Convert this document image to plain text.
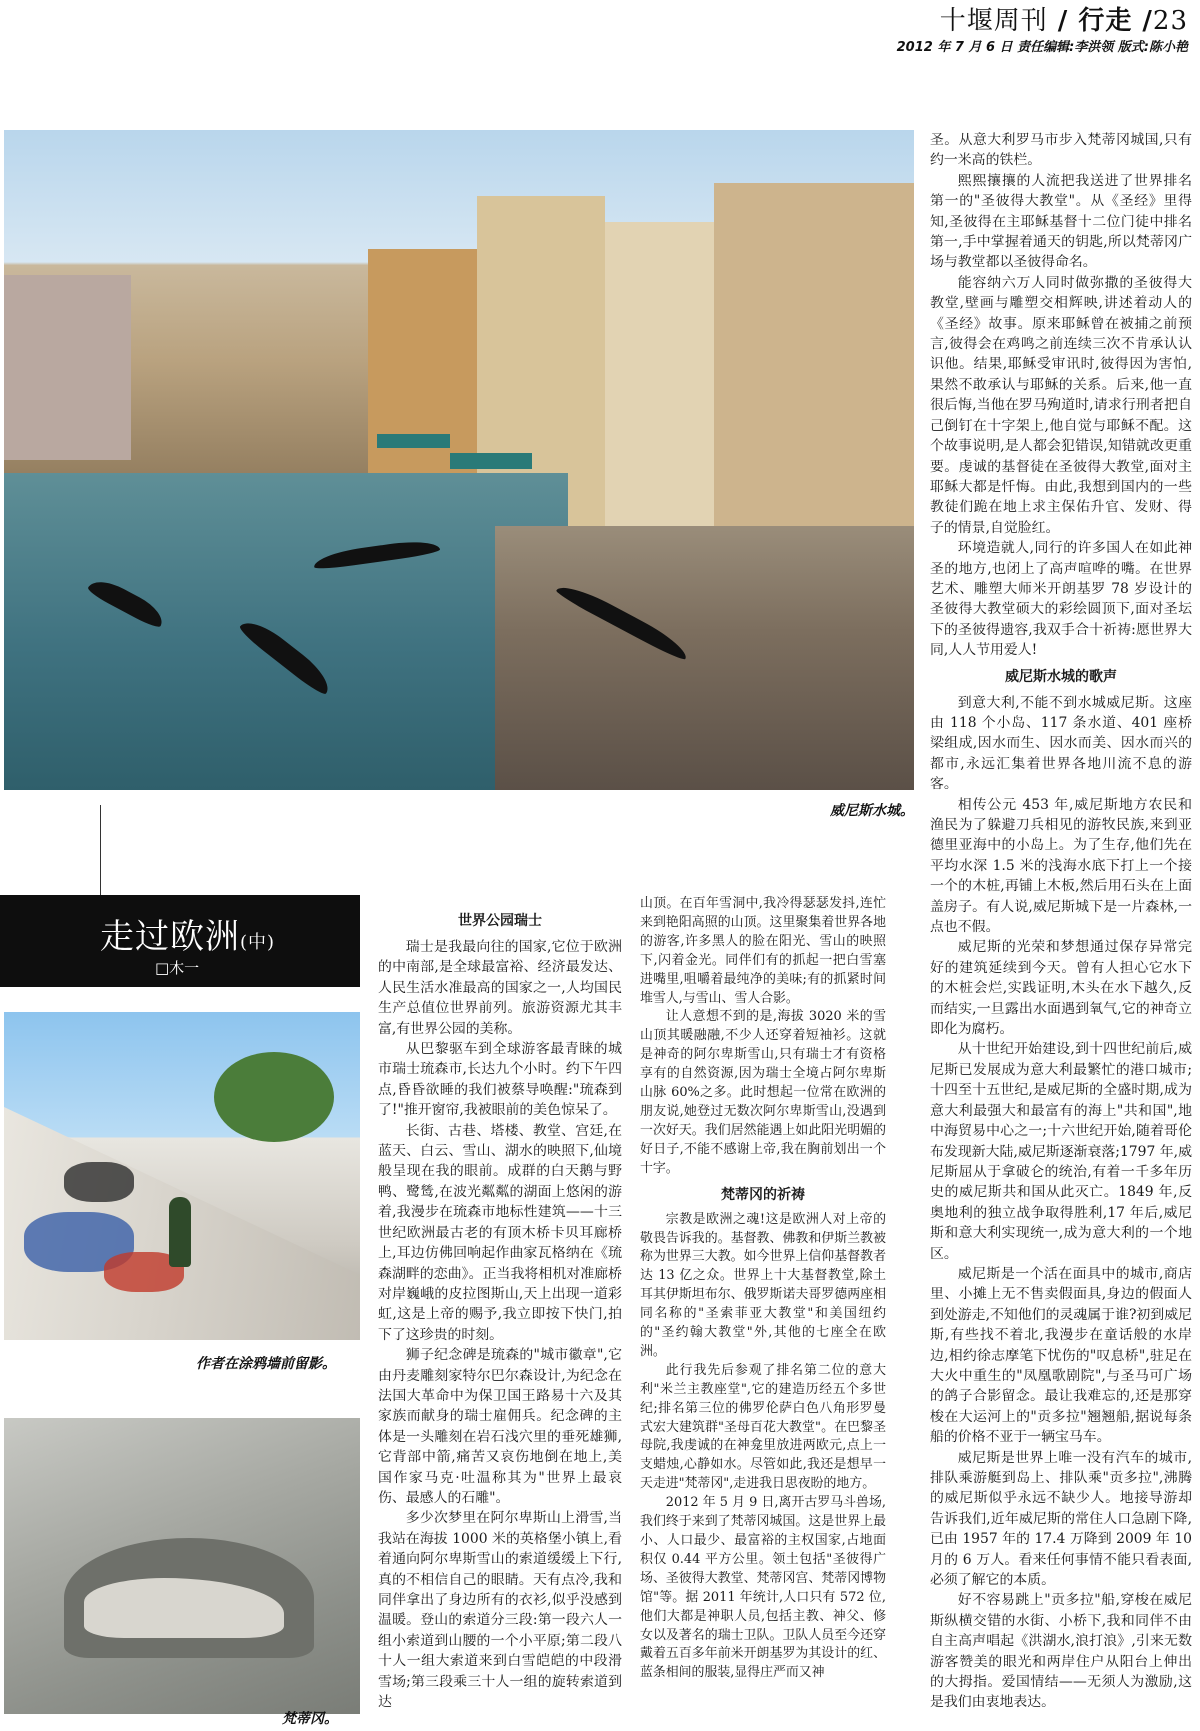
十堰周刊 / 行走 /23
2012 年 7 月 6 日 责任编辑:李洪领 版式:陈小艳
威尼斯水城。
走过欧洲(中)
□木一
作者在涂鸦墙前留影。
梵蒂冈。
世界公园瑞士

瑞士是我最向往的国家,它位于欧洲的中南部,是全球最富裕、经济最发达、人民生活水准最高的国家之一,人均国民生产总值位世界前列。旅游资源尤其丰富,有世界公园的美称。

从巴黎驱车到全球游客最青睐的城市瑞士琉森市,长达九个小时。约下午四点,昏昏欲睡的我们被蔡导唤醒:"琉森到了!"推开窗帘,我被眼前的美色惊呆了。

长街、古巷、塔楼、教堂、宫廷,在蓝天、白云、雪山、湖水的映照下,仙境般呈现在我的眼前。成群的白天鹅与野鸭、鹭鸶,在波光粼粼的湖面上悠闲的游着,我漫步在琉森市地标性建筑——十三世纪欧洲最古老的有顶木桥卡贝耳廊桥上,耳边仿佛回响起作曲家瓦格纳在《琉森湖畔的恋曲》。正当我将相机对准廊桥对岸巍峨的皮拉图斯山,天上出现一道彩虹,这是上帝的赐予,我立即按下快门,拍下了这珍贵的时刻。

狮子纪念碑是琉森的"城市徽章",它由丹麦雕刻家特尔巴尔森设计,为纪念在法国大革命中为保卫国王路易十六及其家族而献身的瑞士雇佣兵。纪念碑的主体是一头雕刻在岩石浅穴里的垂死雄狮,它背部中箭,痛苦又哀伤地倒在地上,美国作家马克·吐温称其为"世界上最哀伤、最感人的石雕"。

多少次梦里在阿尔卑斯山上滑雪,当我站在海拔 1000 米的英格堡小镇上,看着通向阿尔卑斯雪山的索道缓缓上下行,真的不相信自己的眼睛。天有点冷,我和同伴拿出了身边所有的衣衫,似乎没感到温暖。登山的索道分三段:第一段六人一组小索道到山腰的一个小平原;第二段八十人一组大索道来到白雪皑皑的中段滑雪场;第三段乘三十人一组的旋转索道到达

山顶。在百年雪洞中,我冷得瑟瑟发抖,连忙来到艳阳高照的山顶。这里聚集着世界各地的游客,许多黑人的脸在阳光、雪山的映照下,闪着金光。同伴们有的抓起一把白雪塞进嘴里,咀嚼着最纯净的美味;有的抓紧时间堆雪人,与雪山、雪人合影。

让人意想不到的是,海拔 3020 米的雪山顶其暖融融,不少人还穿着短袖衫。这就是神奇的阿尔卑斯雪山,只有瑞士才有资格享有的自然资源,因为瑞士全境占阿尔卑斯山脉 60%之多。此时想起一位常在欧洲的朋友说,她登过无数次阿尔卑斯雪山,没遇到一次好天。我们居然能遇上如此阳光明媚的好日子,不能不感谢上帝,我在胸前划出一个十字。

梵蒂冈的祈祷

宗教是欧洲之魂!这是欧洲人对上帝的敬畏告诉我的。基督教、佛教和伊斯兰教被称为世界三大教。如今世界上信仰基督教者达 13 亿之众。世界上十大基督教堂,除土耳其伊斯坦布尔、俄罗斯诺夫哥罗德两座相同名称的"圣索菲亚大教堂"和美国纽约的"圣约翰大教堂"外,其他的七座全在欧洲。

此行我先后参观了排名第二位的意大利"米兰主教座堂",它的建造历经五个多世纪;排名第三位的佛罗伦萨白色八角形罗曼式宏大建筑群"圣母百花大教堂"。在巴黎圣母院,我虔诚的在神龛里放进两欧元,点上一支蜡烛,心静如水。尽管如此,我还是想早一天走进"梵蒂冈",走进我日思夜盼的地方。

2012 年 5 月 9 日,离开古罗马斗兽场,我们终于来到了梵蒂冈城国。这是世界上最小、人口最少、最富裕的主权国家,占地面积仅 0.44 平方公里。领土包括"圣彼得广场、圣彼得大教堂、梵蒂冈宫、梵蒂冈博物馆"等。据 2011 年统计,人口只有 572 位,他们大都是神职人员,包括主教、神父、修女以及著名的瑞士卫队。卫队人员至今还穿戴着五百多年前米开朗基罗为其设计的红、蓝条相间的服装,显得庄严而又神

圣。从意大利罗马市步入梵蒂冈城国,只有约一米高的铁栏。

熙熙攘攘的人流把我送进了世界排名第一的"圣彼得大教堂"。从《圣经》里得知,圣彼得在主耶稣基督十二位门徒中排名第一,手中掌握着通天的钥匙,所以梵蒂冈广场与教堂都以圣彼得命名。

能容纳六万人同时做弥撒的圣彼得大教堂,壁画与雕塑交相辉映,讲述着动人的《圣经》故事。原来耶稣曾在被捕之前预言,彼得会在鸡鸣之前连续三次不肯承认认识他。结果,耶稣受审讯时,彼得因为害怕,果然不敢承认与耶稣的关系。后来,他一直很后悔,当他在罗马殉道时,请求行刑者把自己倒钉在十字架上,他自觉与耶稣不配。这个故事说明,是人都会犯错误,知错就改更重要。虔诚的基督徒在圣彼得大教堂,面对主耶稣大都是忏悔。由此,我想到国内的一些教徒们跪在地上求主保佑升官、发财、得子的情景,自觉脸红。

环境造就人,同行的许多国人在如此神圣的地方,也闭上了高声喧哗的嘴。在世界艺术、雕塑大师米开朗基罗 78 岁设计的圣彼得大教堂硕大的彩绘圆顶下,面对圣坛下的圣彼得遗容,我双手合十祈祷:愿世界大同,人人节用爱人!

威尼斯水城的歌声

到意大利,不能不到水城威尼斯。这座由 118 个小岛、117 条水道、401 座桥梁组成,因水而生、因水而美、因水而兴的都市,永远汇集着世界各地川流不息的游客。

相传公元 453 年,威尼斯地方农民和渔民为了躲避刀兵相见的游牧民族,来到亚德里亚海中的小岛上。为了生存,他们先在平均水深 1.5 米的浅海水底下打上一个接一个的木桩,再铺上木板,然后用石头在上面盖房子。有人说,威尼斯城下是一片森林,一点也不假。

威尼斯的光荣和梦想通过保存异常完好的建筑延续到今天。曾有人担心它水下的木桩会烂,实践证明,木头在水下越久,反而结实,一旦露出水面遇到氧气,它的神奇立即化为腐朽。

从十世纪开始建设,到十四世纪前后,威尼斯已发展成为意大利最繁忙的港口城市;十四至十五世纪,是威尼斯的全盛时期,成为意大利最强大和最富有的海上"共和国",地中海贸易中心之一;十六世纪开始,随着哥伦布发现新大陆,威尼斯逐渐衰落;1797 年,威尼斯屈从于拿破仑的统治,有着一千多年历史的威尼斯共和国从此灭亡。1849 年,反奥地利的独立战争取得胜利,17 年后,威尼斯和意大利实现统一,成为意大利的一个地区。

威尼斯是一个活在面具中的城市,商店里、小摊上无不售卖假面具,身边的假面人到处游走,不知他们的灵魂属于谁?初到威尼斯,有些找不着北,我漫步在童话般的水岸边,相约徐志摩笔下忧伤的"叹息桥",驻足在大火中重生的"凤凰歌剧院",与圣马可广场的鸽子合影留念。最让我难忘的,还是那穿梭在大运河上的"贡多拉"翘翘船,据说每条船的价格不亚于一辆宝马车。

威尼斯是世界上唯一没有汽车的城市,排队乘游艇到岛上、排队乘"贡多拉",沸腾的威尼斯似乎永远不缺少人。地接导游却告诉我们,近年威尼斯的常住人口急剧下降,已由 1957 年的 17.4 万降到 2009 年 10 月的 6 万人。看来任何事情不能只看表面,必须了解它的本质。

好不容易跳上"贡多拉"船,穿梭在威尼斯纵横交错的水街、小桥下,我和同伴不由自主高声唱起《洪湖水,浪打浪》,引来无数游客赞美的眼光和两岸住户从阳台上伸出的大拇指。爱国情结——无须人为激励,这是我们由衷地表达。
